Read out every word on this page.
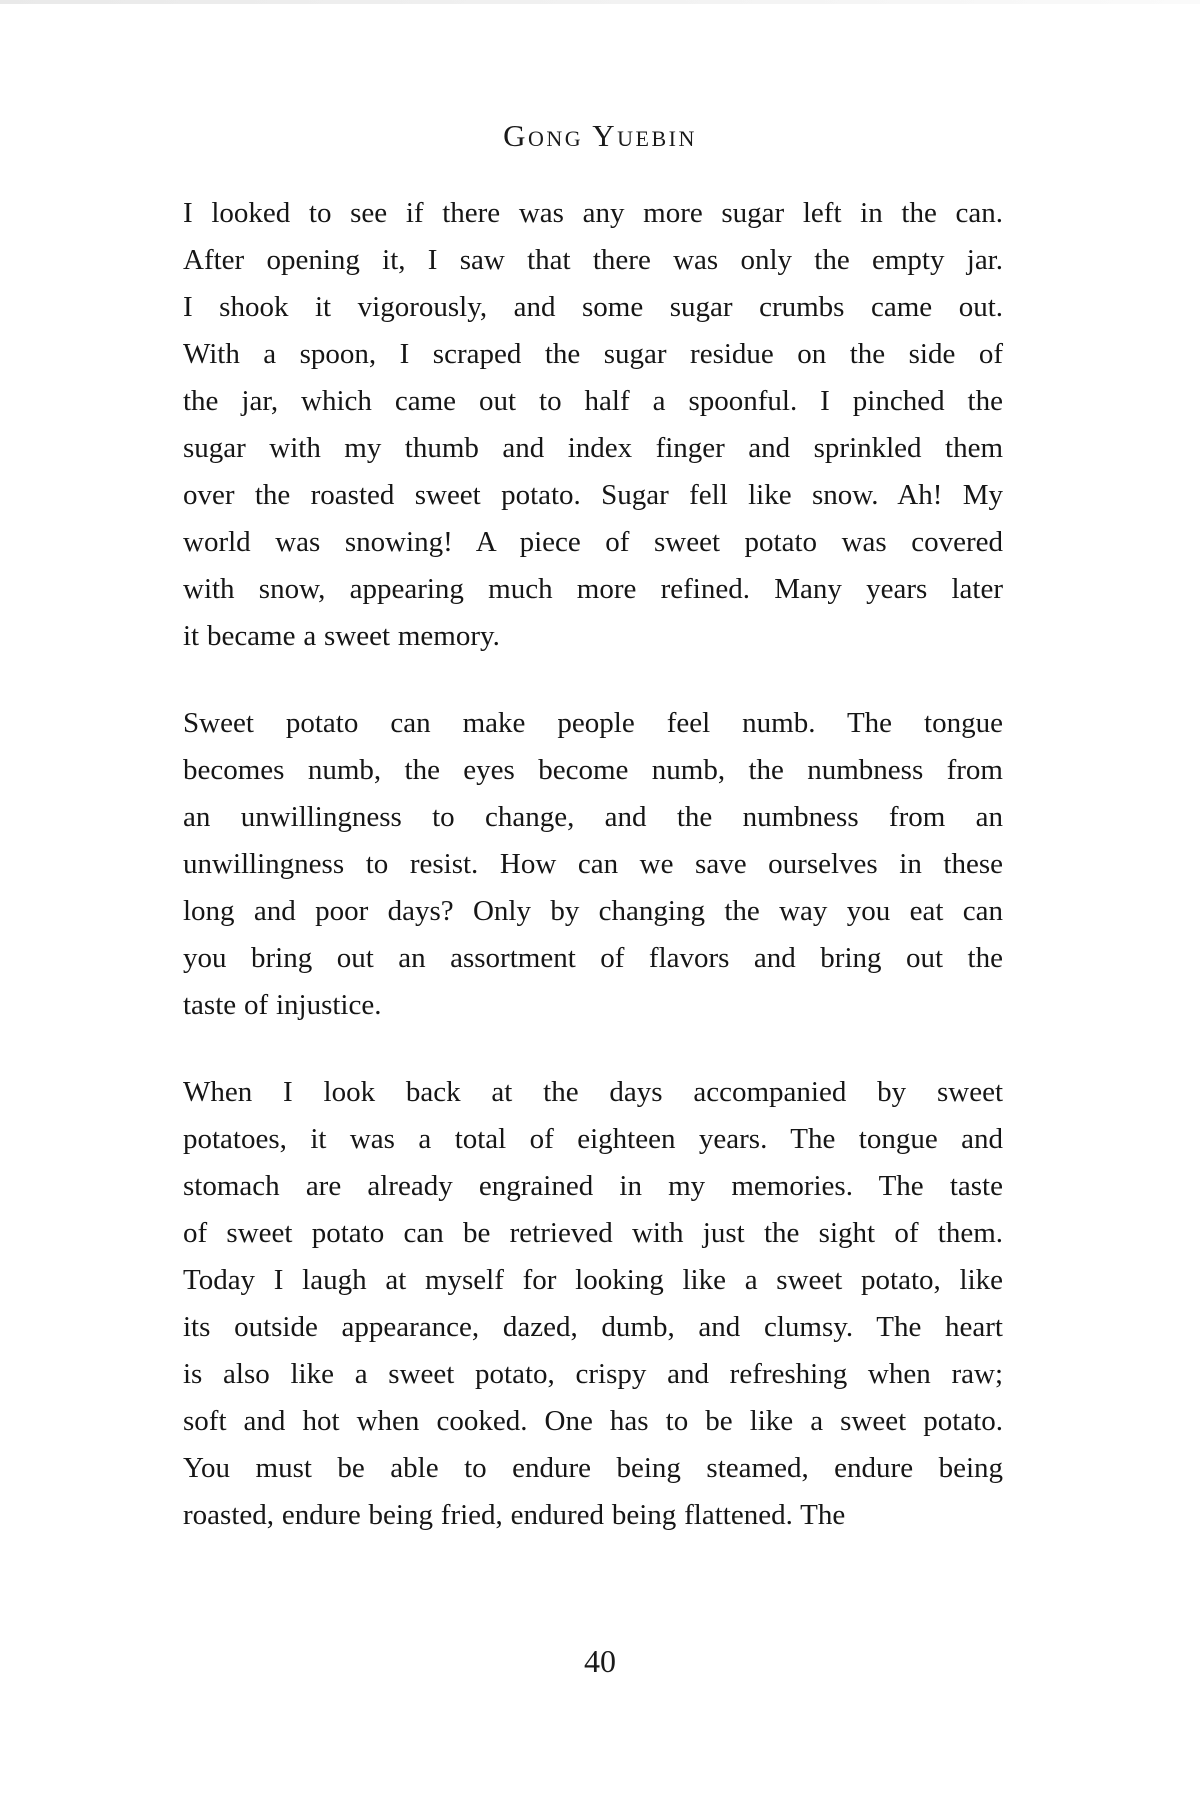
Gong Yuebin

I looked to see if there was any more sugar left in the can.
After opening it, I saw that there was only the empty jar.
I shook it vigorously, and some sugar crumbs came out.
With a spoon, I scraped the sugar residue on the side of
the jar, which came out to half a spoonful. I pinched the
sugar with my thumb and index finger and sprinkled them
over the roasted sweet potato. Sugar fell like snow. Ah! My
world was snowing! A piece of sweet potato was covered
with snow, appearing much more refined. Many years later
it became a sweet memory.

Sweet potato can make people feel numb. The tongue
becomes numb, the eyes become numb, the numbness from
an unwillingness to change, and the numbness from an
unwillingness to resist. How can we save ourselves in these
long and poor days? Only by changing the way you eat can
you bring out an assortment of flavors and bring out the
taste of injustice.

When I look back at the days accompanied by sweet
potatoes, it was a total of eighteen years. The tongue and
stomach are already engrained in my memories. The taste
of sweet potato can be retrieved with just the sight of them.
Today I laugh at myself for looking like a sweet potato, like
its outside appearance, dazed, dumb, and clumsy. The heart
is also like a sweet potato, crispy and refreshing when raw;
soft and hot when cooked. One has to be like a sweet potato.
You must be able to endure being steamed, endure being
roasted, endure being fried, endured being flattened. The

40
